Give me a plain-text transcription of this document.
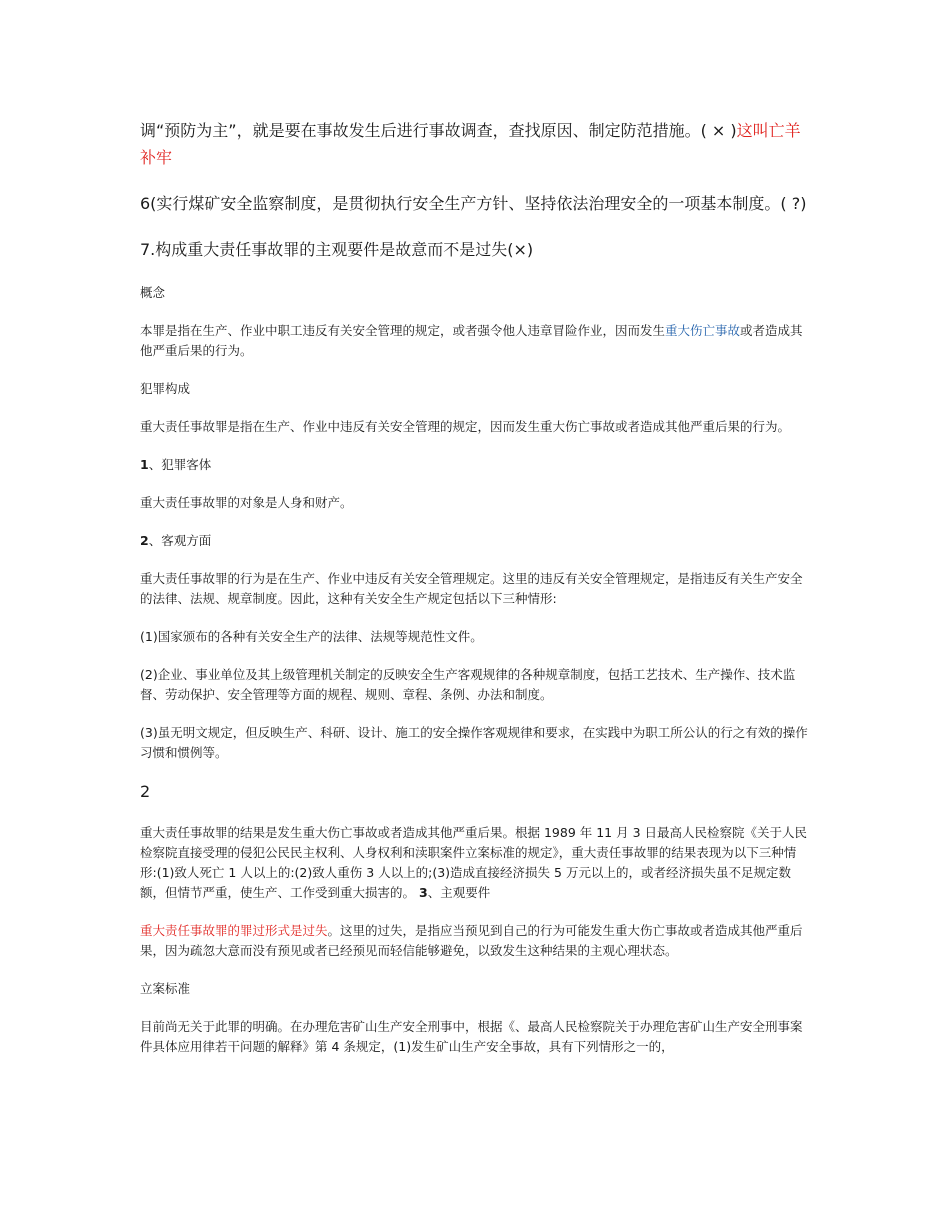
调“预防为主”，就是要在事故发生后进行事故调查，查找原因、制定防范措施。( × )这叫亡羊补牢

6(实行煤矿安全监察制度，是贯彻执行安全生产方针、坚持依法治理安全的一项基本制度。( ?)

7.构成重大责任事故罪的主观要件是故意而不是过失(×)

概念

本罪是指在生产、作业中职工违反有关安全管理的规定，或者强令他人违章冒险作业，因而发生重大伤亡事故或者造成其他严重后果的行为。

犯罪构成

重大责任事故罪是指在生产、作业中违反有关安全管理的规定，因而发生重大伤亡事故或者造成其他严重后果的行为。

1、犯罪客体

重大责任事故罪的对象是人身和财产。

2、客观方面

重大责任事故罪的行为是在生产、作业中违反有关安全管理规定。这里的违反有关安全管理规定，是指违反有关生产安全的法律、法规、规章制度。因此，这种有关安全生产规定包括以下三种情形:

(1)国家颁布的各种有关安全生产的法律、法规等规范性文件。

(2)企业、事业单位及其上级管理机关制定的反映安全生产客观规律的各种规章制度，包括工艺技术、生产操作、技术监督、劳动保护、安全管理等方面的规程、规则、章程、条例、办法和制度。

(3)虽无明文规定，但反映生产、科研、设计、施工的安全操作客观规律和要求，在实践中为职工所公认的行之有效的操作习惯和惯例等。

2

重大责任事故罪的结果是发生重大伤亡事故或者造成其他严重后果。根据 1989 年 11 月 3 日最高人民检察院《关于人民检察院直接受理的侵犯公民民主权利、人身权利和渎职案件立案标准的规定》，重大责任事故罪的结果表现为以下三种情形:(1)致人死亡 1 人以上的:(2)致人重伤 3 人以上的;(3)造成直接经济损失 5 万元以上的，或者经济损失虽不足规定数额，但情节严重，使生产、工作受到重大损害的。 3、主观要件

重大责任事故罪的罪过形式是过失。这里的过失，是指应当预见到自己的行为可能发生重大伤亡事故或者造成其他严重后果，因为疏忽大意而没有预见或者已经预见而轻信能够避免，以致发生这种结果的主观心理状态。

立案标准

目前尚无关于此罪的明确。在办理危害矿山生产安全刑事中，根据《、最高人民检察院关于办理危害矿山生产安全刑事案件具体应用律若干问题的解释》第 4 条规定，(1)发生矿山生产安全事故，具有下列情形之一的，
